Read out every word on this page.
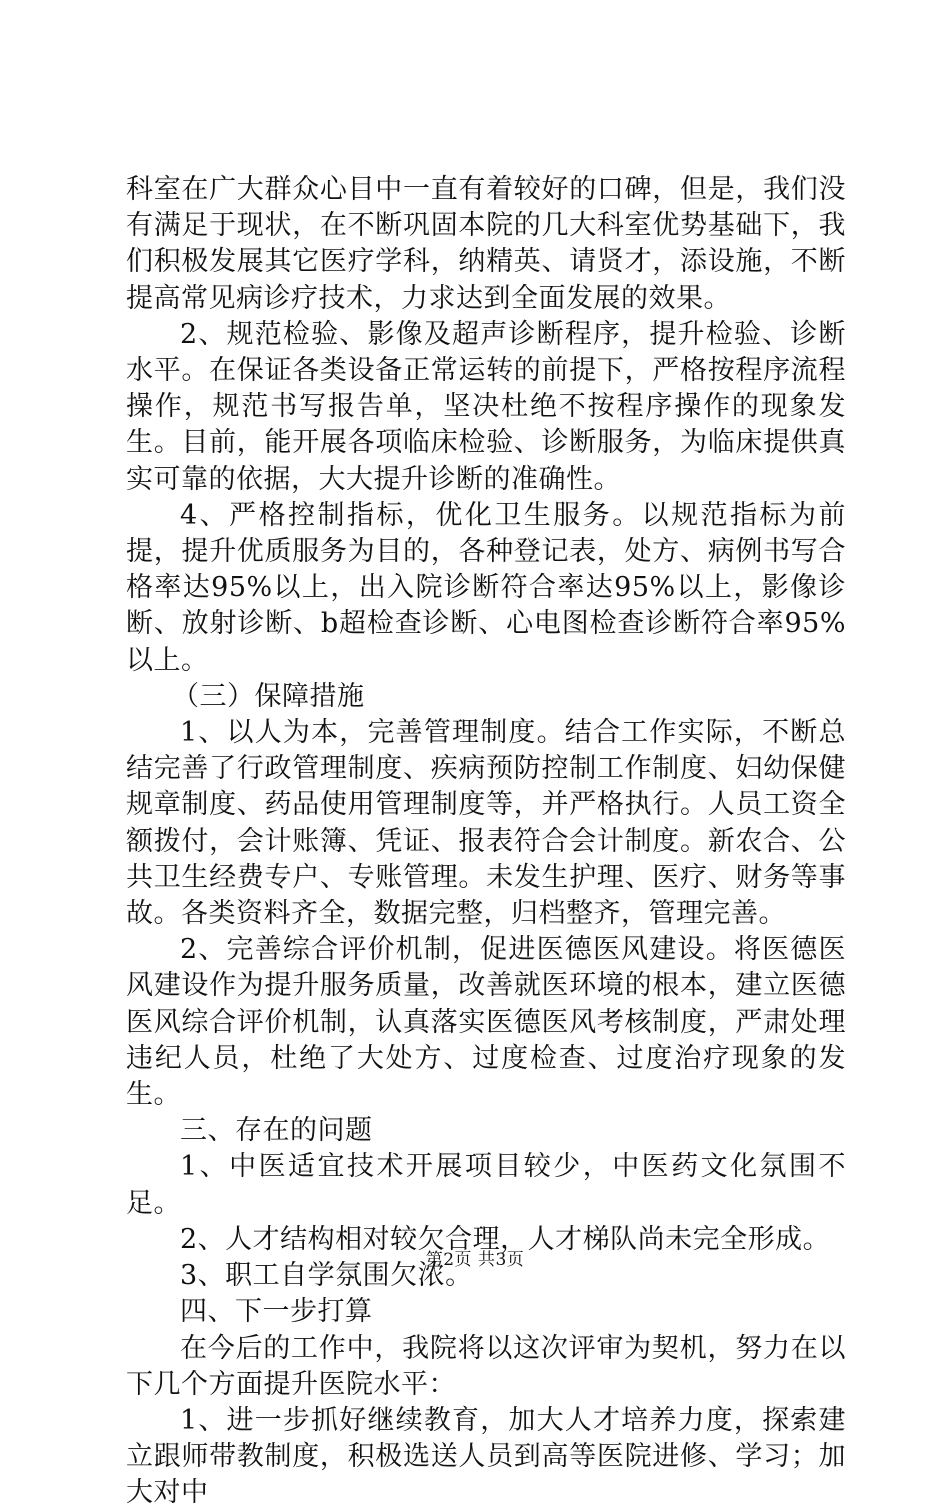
科室在广大群众心目中一直有着较好的口碑，但是，我们没有满足于现状，在不断巩固本院的几大科室优势基础下，我们积极发展其它医疗学科，纳精英、请贤才，添设施，不断提高常见病诊疗技术，力求达到全面发展的效果。

2、规范检验、影像及超声诊断程序，提升检验、诊断水平。在保证各类设备正常运转的前提下，严格按程序流程操作，规范书写报告单，坚决杜绝不按程序操作的现象发生。目前，能开展各项临床检验、诊断服务，为临床提供真实可靠的依据，大大提升诊断的准确性。

4、严格控制指标，优化卫生服务。以规范指标为前提，提升优质服务为目的，各种登记表，处方、病例书写合格率达95%以上，出入院诊断符合率达95%以上，影像诊断、放射诊断、b超检查诊断、心电图检查诊断符合率95%以上。

（三）保障措施

1、以人为本，完善管理制度。结合工作实际，不断总结完善了行政管理制度、疾病预防控制工作制度、妇幼保健规章制度、药品使用管理制度等，并严格执行。人员工资全额拨付，会计账簿、凭证、报表符合会计制度。新农合、公共卫生经费专户、专账管理。未发生护理、医疗、财务等事故。各类资料齐全，数据完整，归档整齐，管理完善。

2、完善综合评价机制，促进医德医风建设。将医德医风建设作为提升服务质量，改善就医环境的根本，建立医德医风综合评价机制，认真落实医德医风考核制度，严肃处理违纪人员，杜绝了大处方、过度检查、过度治疗现象的发生。

三、存在的问题

1、中医适宜技术开展项目较少，中医药文化氛围不足。

2、人才结构相对较欠合理，人才梯队尚未完全形成。

3、职工自学氛围欠浓。

四、下一步打算

在今后的工作中，我院将以这次评审为契机，努力在以下几个方面提升医院水平：

1、进一步抓好继续教育，加大人才培养力度，探索建立跟师带教制度，积极选送人员到高等医院进修、学习；加大对中

第2页 共3页
